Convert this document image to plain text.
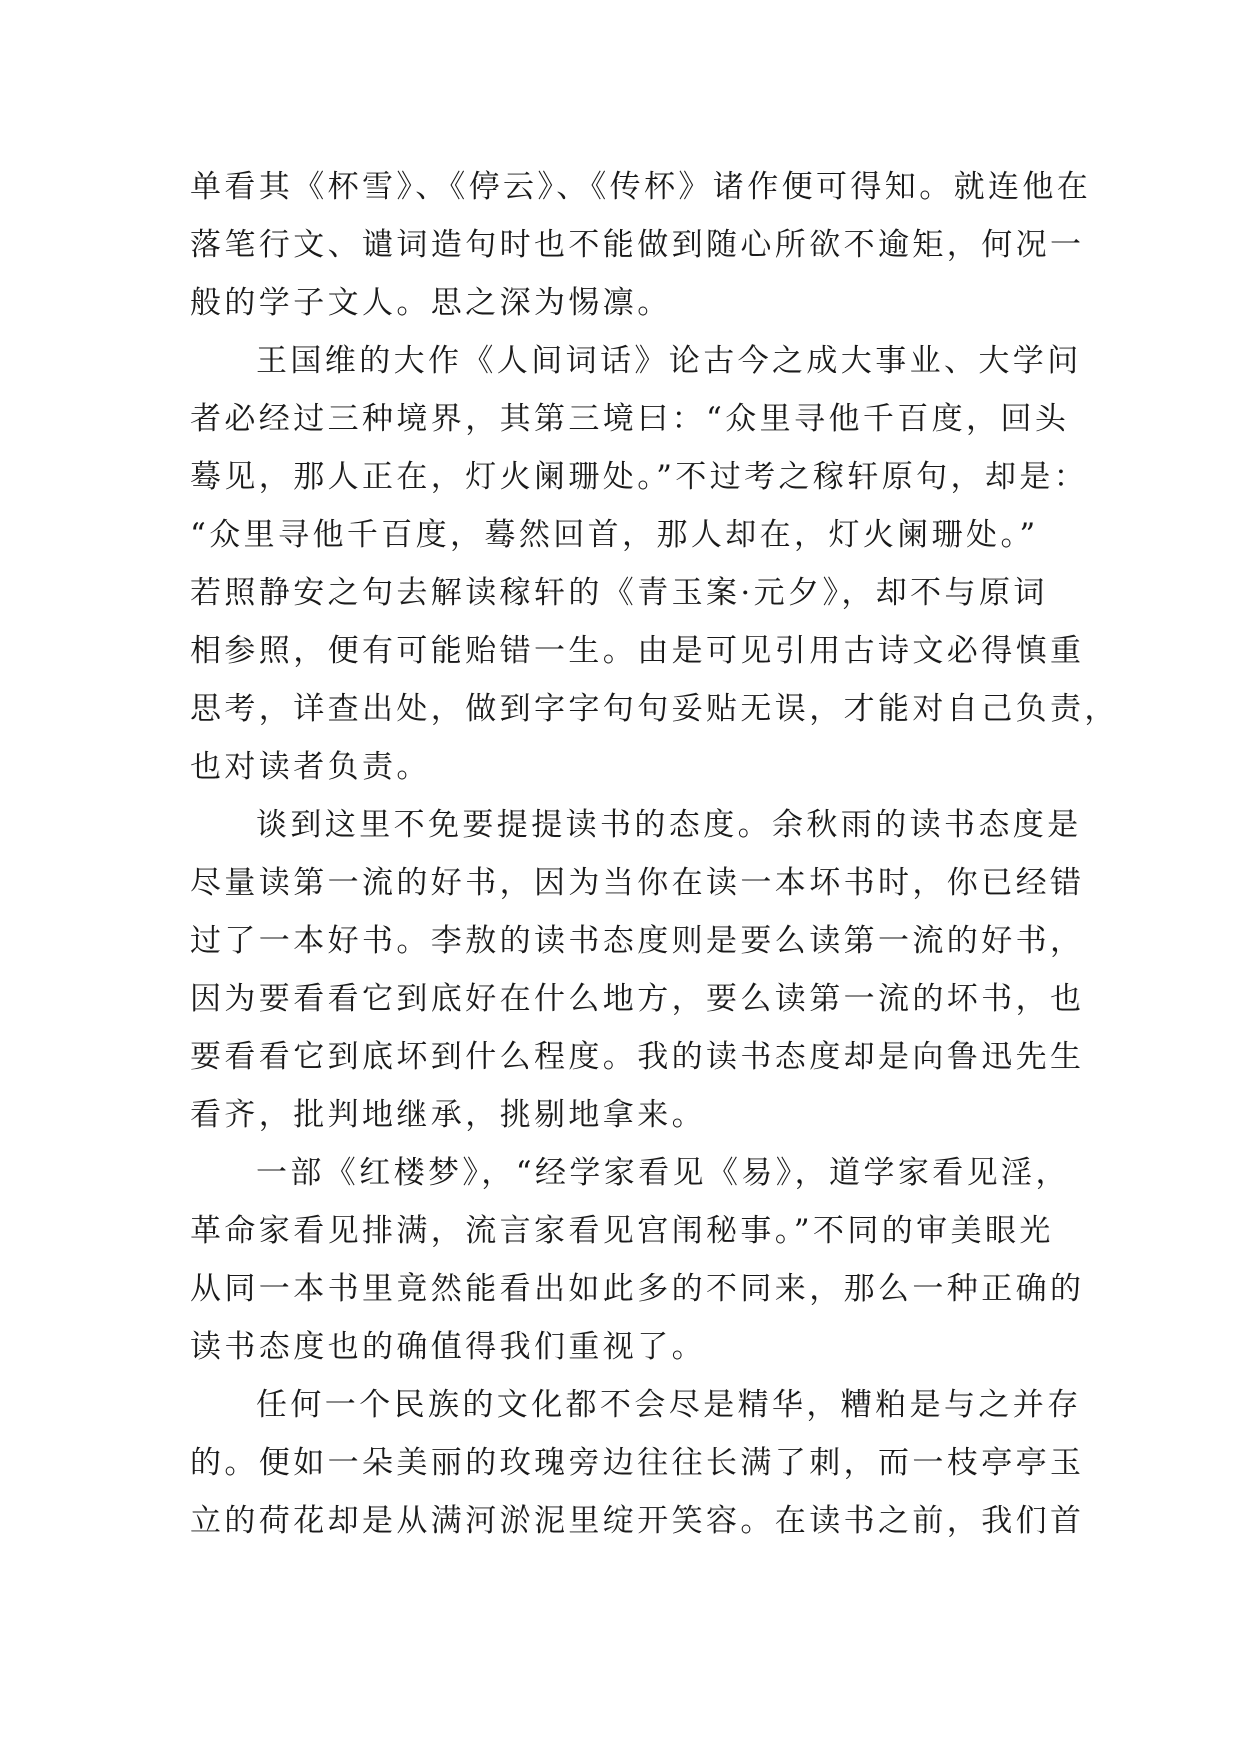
单看其《杯雪》、《停云》、《传杯》诸作便可得知。就连他在
落笔行文、谴词造句时也不能做到随心所欲不逾矩，何况一
般的学子文人。思之深为惕凛。
王国维的大作《人间词话》论古今之成大事业、大学问
者必经过三种境界，其第三境曰：“众里寻他千百度，回头
蓦见，那人正在，灯火阑珊处。”不过考之稼轩原句，却是：
“众里寻他千百度，蓦然回首，那人却在，灯火阑珊处。”
若照静安之句去解读稼轩的《青玉案·元夕》，却不与原词
相参照，便有可能贻错一生。由是可见引用古诗文必得慎重
思考，详查出处，做到字字句句妥贴无误，才能对自己负责，
也对读者负责。
谈到这里不免要提提读书的态度。余秋雨的读书态度是
尽量读第一流的好书，因为当你在读一本坏书时，你已经错
过了一本好书。李敖的读书态度则是要么读第一流的好书，
因为要看看它到底好在什么地方，要么读第一流的坏书，也
要看看它到底坏到什么程度。我的读书态度却是向鲁迅先生
看齐，批判地继承，挑剔地拿来。
一部《红楼梦》，“经学家看见《易》，道学家看见淫，
革命家看见排满，流言家看见宫闱秘事。”不同的审美眼光
从同一本书里竟然能看出如此多的不同来，那么一种正确的
读书态度也的确值得我们重视了。
任何一个民族的文化都不会尽是精华，糟粕是与之并存
的。便如一朵美丽的玫瑰旁边往往长满了刺，而一枝亭亭玉
立的荷花却是从满河淤泥里绽开笑容。在读书之前，我们首
